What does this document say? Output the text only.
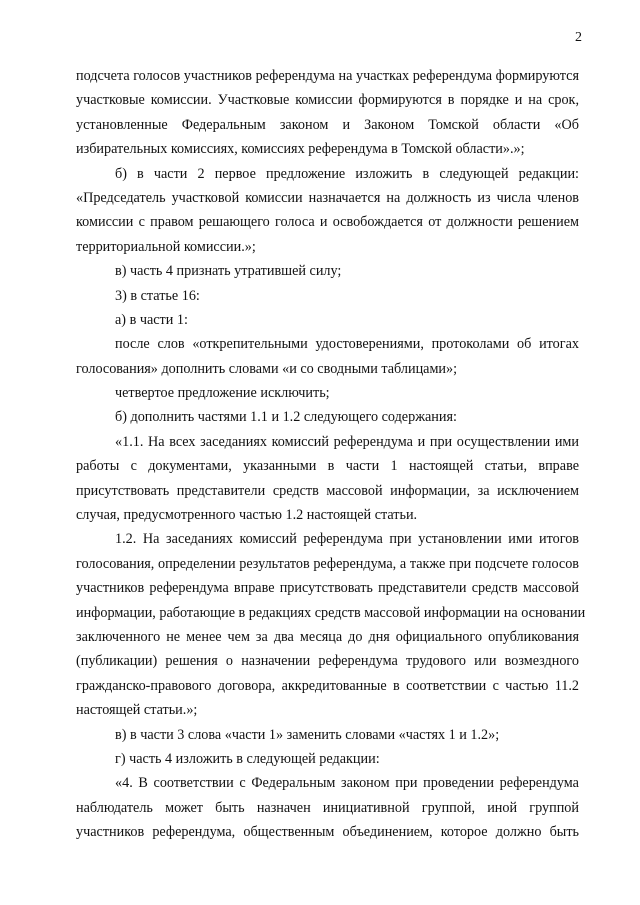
2
подсчета голосов участников референдума на участках референдума формируются
участковые комиссии. Участковые комиссии формируются в порядке и на срок,
установленные Федеральным законом и Законом Томской области «Об
избирательных комиссиях, комиссиях референдума в Томской области».»;
б) в части 2 первое предложение изложить в следующей редакции:
«Председатель участковой комиссии назначается на должность из числа членов
комиссии с правом решающего голоса и освобождается от должности решением
территориальной комиссии.»;
в) часть 4 признать утратившей силу;
3) в статье 16:
а) в части 1:
после слов «открепительными удостоверениями, протоколами об итогах
голосования» дополнить словами «и со сводными таблицами»;
четвертое предложение исключить;
б) дополнить частями 1.1 и 1.2 следующего содержания:
«1.1. На всех заседаниях комиссий референдума и при осуществлении ими
работы с документами, указанными в части 1 настоящей статьи, вправе
присутствовать представители средств массовой информации, за исключением
случая, предусмотренного частью 1.2 настоящей статьи.
1.2. На заседаниях комиссий референдума при установлении ими итогов
голосования, определении результатов референдума, а также при подсчете голосов
участников референдума вправе присутствовать представители средств массовой
информации, работающие в редакциях средств массовой информации на основании
заключенного не менее чем за два месяца до дня официального опубликования
(публикации) решения о назначении референдума трудового или возмездного
гражданско-правового договора, аккредитованные в соответствии с частью 11.2
настоящей статьи.»;
в) в части 3 слова «части 1» заменить словами «частях 1 и 1.2»;
г) часть 4 изложить в следующей редакции:
«4. В соответствии с Федеральным законом при проведении референдума
наблюдатель может быть назначен инициативной группой, иной группой
участников референдума, общественным объединением, которое должно быть
